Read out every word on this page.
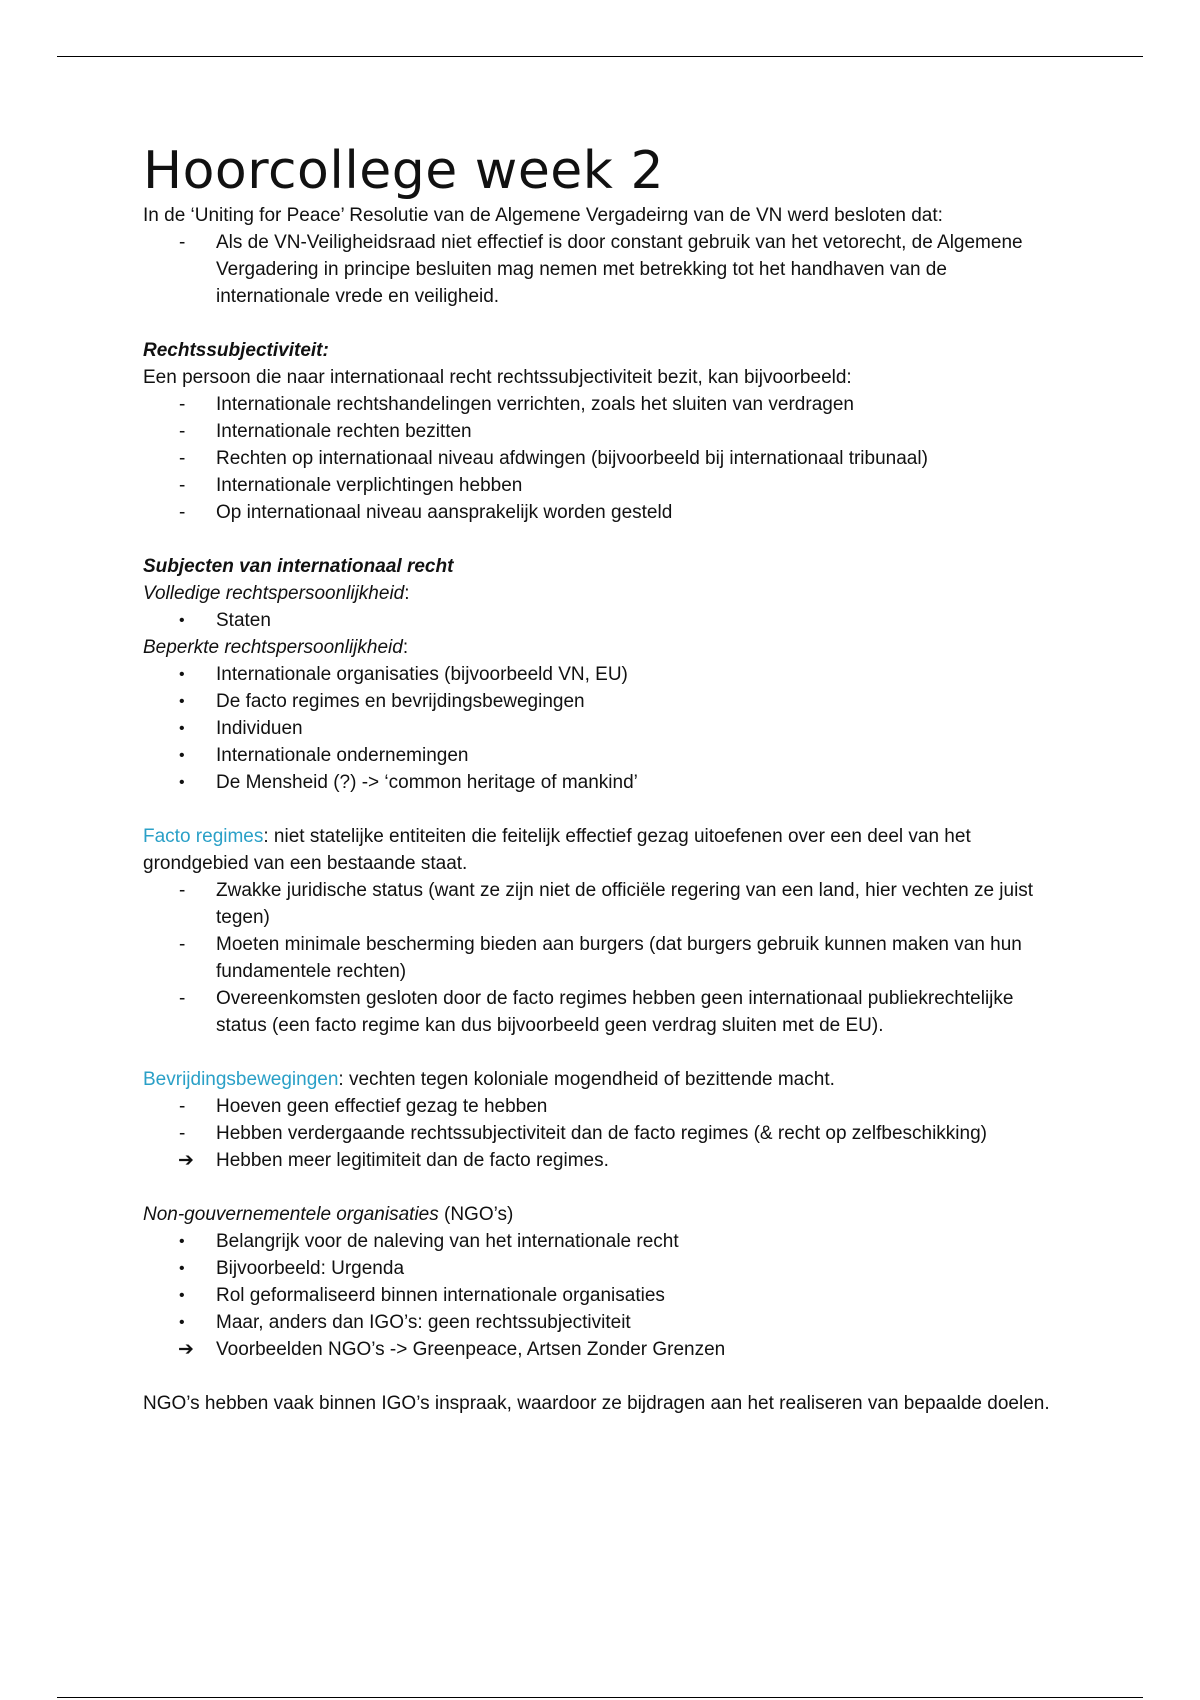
Hoorcollege week 2

In de ‘Uniting for Peace’ Resolutie van de Algemene Vergadeirng van de VN werd besloten dat:

-	Als de VN-Veiligheidsraad niet effectief is door constant gebruik van het vetorecht, de Algemene Vergadering in principe besluiten mag nemen met betrekking tot het handhaven van de internationale vrede en veiligheid.

Rechtssubjectiviteit:

Een persoon die naar internationaal recht rechtssubjectiviteit bezit, kan bijvoorbeeld:

-	Internationale rechtshandelingen verrichten, zoals het sluiten van verdragen
-	Internationale rechten bezitten
-	Rechten op internationaal niveau afdwingen (bijvoorbeeld bij internationaal tribunaal)
-	Internationale verplichtingen hebben
-	Op internationaal niveau aansprakelijk worden gesteld

Subjecten van internationaal recht

Volledige rechtspersoonlijkheid:

•	Staten

Beperkte rechtspersoonlijkheid:

•	Internationale organisaties (bijvoorbeeld VN, EU)
•	De facto regimes en bevrijdingsbewegingen
•	Individuen
•	Internationale ondernemingen
•	De Mensheid (?) -> ‘common heritage of mankind’

Facto regimes: niet statelijke entiteiten die feitelijk effectief gezag uitoefenen over een deel van het grondgebied van een bestaande staat.

-	Zwakke juridische status (want ze zijn niet de officiële regering van een land, hier vechten ze juist tegen)
-	Moeten minimale bescherming bieden aan burgers (dat burgers gebruik kunnen maken van hun fundamentele rechten)
-	Overeenkomsten gesloten door de facto regimes hebben geen internationaal publiekrechtelijke status (een facto regime kan dus bijvoorbeeld geen verdrag sluiten met de EU).

Bevrijdingsbewegingen: vechten tegen koloniale mogendheid of bezittende macht.

-	Hoeven geen effectief gezag te hebben
-	Hebben verdergaande rechtssubjectiviteit dan de facto regimes (& recht op zelfbeschikking)
➔	Hebben meer legitimiteit dan de facto regimes.

Non-gouvernementele organisaties (NGO’s)

•	Belangrijk voor de naleving van het internationale recht
•	Bijvoorbeeld: Urgenda
•	Rol geformaliseerd binnen internationale organisaties
•	Maar, anders dan IGO’s: geen rechtssubjectiviteit
➔	Voorbeelden NGO’s -> Greenpeace, Artsen Zonder Grenzen

NGO’s hebben vaak binnen IGO’s inspraak, waardoor ze bijdragen aan het realiseren van bepaalde doelen.
